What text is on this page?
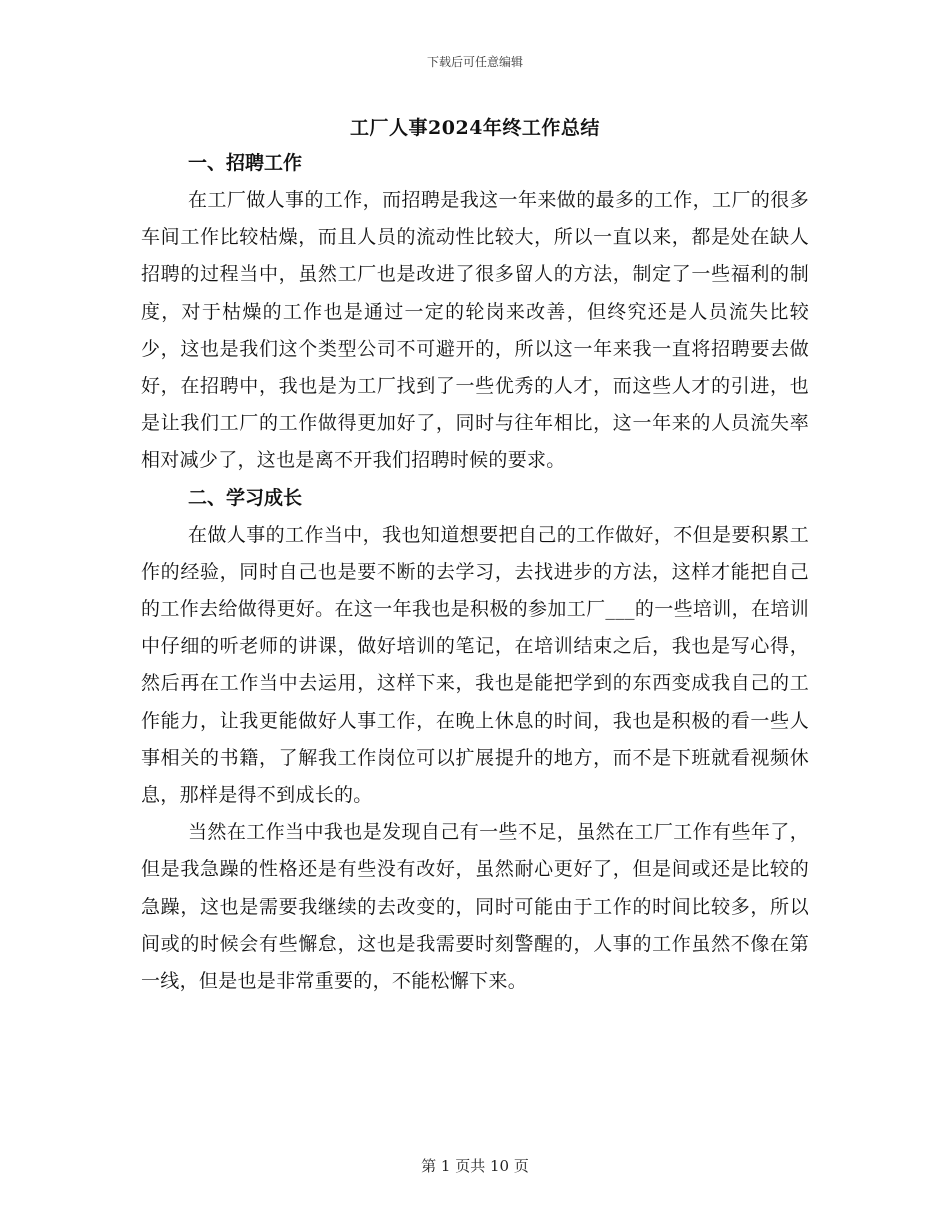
下载后可任意编辑
工厂人事2024年终工作总结

一、招聘工作

在工厂做人事的工作，而招聘是我这一年来做的最多的工作，工厂的很多车间工作比较枯燥，而且人员的流动性比较大，所以一直以来，都是处在缺人招聘的过程当中，虽然工厂也是改进了很多留人的方法，制定了一些福利的制度，对于枯燥的工作也是通过一定的轮岗来改善，但终究还是人员流失比较少，这也是我们这个类型公司不可避开的，所以这一年来我一直将招聘要去做好，在招聘中，我也是为工厂找到了一些优秀的人才，而这些人才的引进，也是让我们工厂的工作做得更加好了，同时与往年相比，这一年来的人员流失率相对减少了，这也是离不开我们招聘时候的要求。

二、学习成长

在做人事的工作当中，我也知道想要把自己的工作做好，不但是要积累工作的经验，同时自己也是要不断的去学习，去找进步的方法，这样才能把自己的工作去给做得更好。在这一年我也是积极的参加工厂___的一些培训，在培训中仔细的听老师的讲课，做好培训的笔记，在培训结束之后，我也是写心得，然后再在工作当中去运用，这样下来，我也是能把学到的东西变成我自己的工作能力，让我更能做好人事工作，在晚上休息的时间，我也是积极的看一些人事相关的书籍，了解我工作岗位可以扩展提升的地方，而不是下班就看视频休息，那样是得不到成长的。

当然在工作当中我也是发现自己有一些不足，虽然在工厂工作有些年了，但是我急躁的性格还是有些没有改好，虽然耐心更好了，但是间或还是比较的急躁，这也是需要我继续的去改变的，同时可能由于工作的时间比较多，所以间或的时候会有些懈怠，这也是我需要时刻警醒的，人事的工作虽然不像在第一线，但是也是非常重要的，不能松懈下来。

第 1 页共 10 页
